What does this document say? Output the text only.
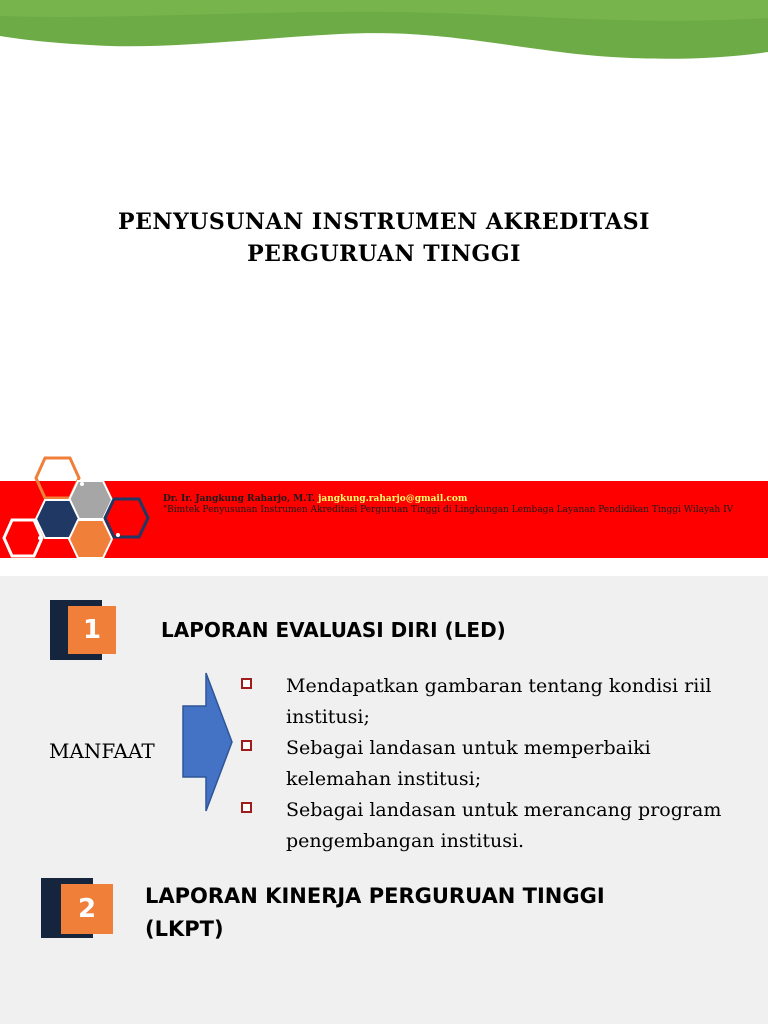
PENYUSUNAN INSTRUMEN AKREDITASI
PERGURUAN TINGGI
Dr. Ir. Jangkung Raharjo, M.T. jangkung.raharjo@gmail.com
"Bimtek Penyusunan Instrumen Akreditasi Perguruan Tinggi di Lingkungan Lembaga Layanan Pendidikan Tinggi Wilayah IV
1	LAPORAN EVALUASI DIRI (LED)
MANFAAT
Mendapatkan gambaran tentang kondisi riil institusi;
Sebagai landasan untuk memperbaiki kelemahan institusi;
Sebagai landasan untuk merancang program pengembangan institusi.
2	LAPORAN KINERJA PERGURUAN TINGGI
(LKPT)
